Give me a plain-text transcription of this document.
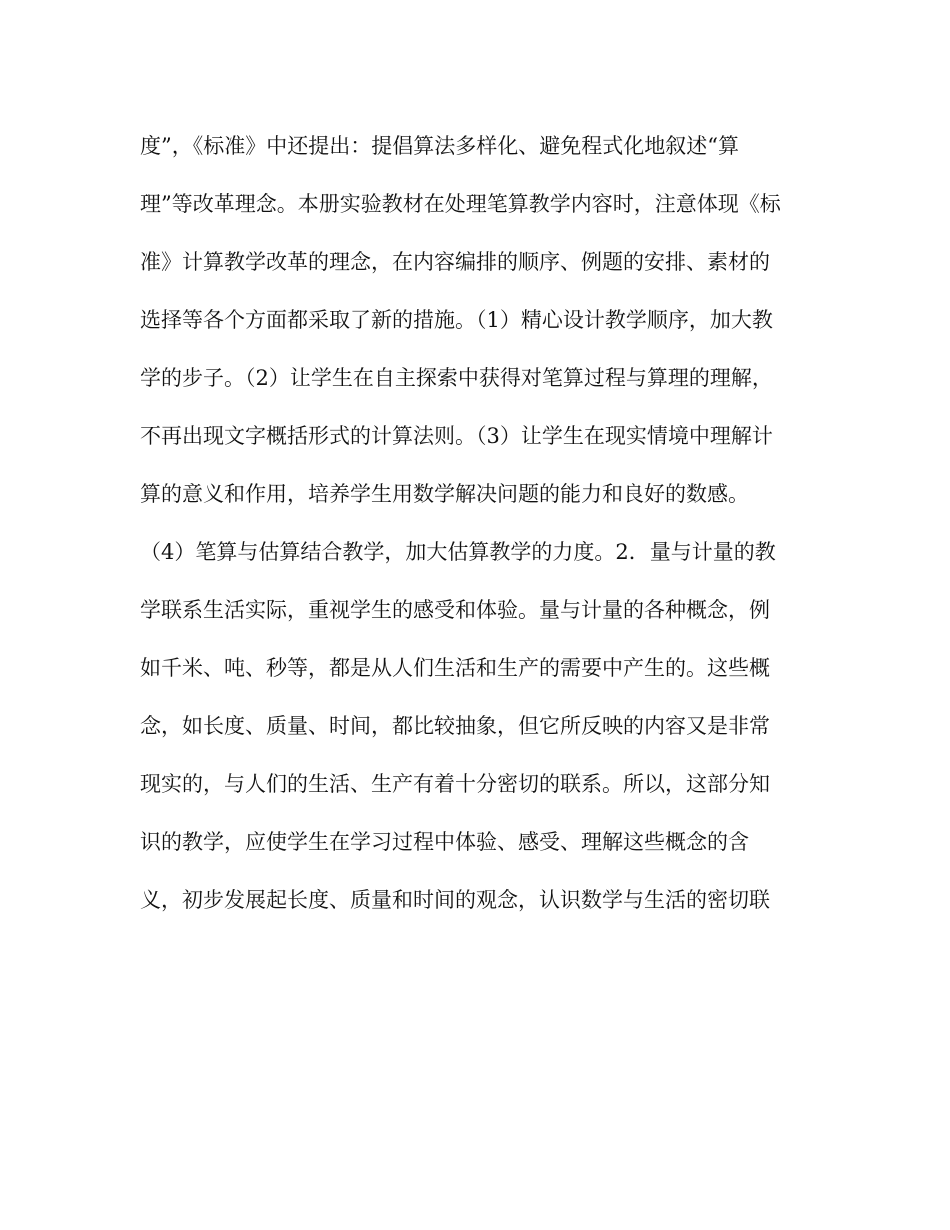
度”，《标准》中还提出：提倡算法多样化、避免程式化地叙述“算
理”等改革理念。本册实验教材在处理笔算教学内容时，注意体现《标
准》计算教学改革的理念，在内容编排的顺序、例题的安排、素材的
选择等各个方面都采取了新的措施。（1）精心设计教学顺序，加大教
学的步子。（2）让学生在自主探索中获得对笔算过程与算理的理解，
不再出现文字概括形式的计算法则。（3）让学生在现实情境中理解计
算的意义和作用，培养学生用数学解决问题的能力和良好的数感。
（4）笔算与估算结合教学，加大估算教学的力度。2．量与计量的教
学联系生活实际，重视学生的感受和体验。量与计量的各种概念，例
如千米、吨、秒等，都是从人们生活和生产的需要中产生的。这些概
念，如长度、质量、时间，都比较抽象，但它所反映的内容又是非常
现实的，与人们的生活、生产有着十分密切的联系。所以，这部分知
识的教学，应使学生在学习过程中体验、感受、理解这些概念的含
义，初步发展起长度、质量和时间的观念，认识数学与生活的密切联
